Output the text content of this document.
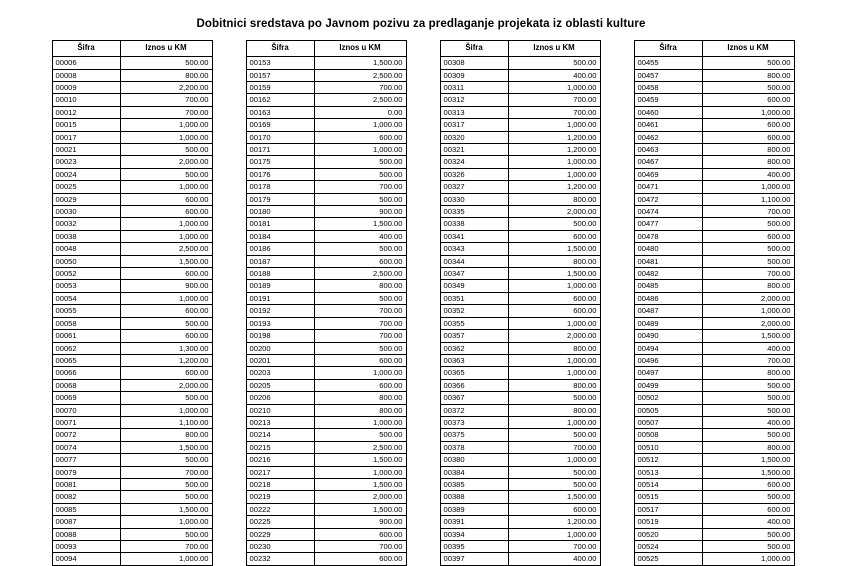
Dobitnici sredstava po Javnom pozivu za predlaganje projekata iz oblasti kulture
Šifra	Iznos u KM
00006	500.00
00008	800.00
00009	2,200.00
00010	700.00
00012	700.00
00015	1,000.00
00017	1,000.00
00021	500.00
00023	2,000.00
00024	500.00
00025	1,000.00
00029	600.00
00030	600.00
00032	1,000.00
00038	1,000.00
00048	2,500.00
00050	1,500.00
00052	600.00
00053	900.00
00054	1,000.00
00055	600.00
00058	500.00
00061	600.00
00062	1,300.00
00065	1,200.00
00066	600.00
00068	2,000.00
00069	500.00
00070	1,000.00
00071	1,100.00
00072	800.00
00074	1,500.00
00077	500.00
00079	700.00
00081	500.00
00082	500.00
00085	1,500.00
00087	1,000.00
00088	500.00
00093	700.00
00094	1,000.00
Šifra	Iznos u KM
00153	1,500.00
00157	2,500.00
00159	700.00
00162	2,500.00
00163	0.00
00169	1,000.00
00170	600.00
00171	1,000.00
00175	500.00
00176	500.00
00178	700.00
00179	500.00
00180	900.00
00181	1,500.00
00184	400.00
00186	500.00
00187	600.00
00188	2,500.00
00189	800.00
00191	500.00
00192	700.00
00193	700.00
00198	700.00
00200	500.00
00201	600.00
00203	1,000.00
00205	600.00
00206	800.00
00210	800.00
00213	1,000.00
00214	500.00
00215	2,500.00
00216	1,500.00
00217	1,000.00
00218	1,500.00
00219	2,000.00
00222	1,500.00
00225	900.00
00229	600.00
00230	700.00
00232	600.00
Šifra	Iznos u KM
00308	500.00
00309	400.00
00311	1,000.00
00312	700.00
00313	700.00
00317	1,000.00
00320	1,200.00
00321	1,200.00
00324	1,000.00
00326	1,000.00
00327	1,200.00
00330	800.00
00335	2,000.00
00338	500.00
00341	600.00
00343	1,500.00
00344	800.00
00347	1,500.00
00349	1,000.00
00351	600.00
00352	600.00
00355	1,000.00
00357	2,000.00
00362	800.00
00363	1,000.00
00365	1,000.00
00366	800.00
00367	500.00
00372	800.00
00373	1,000.00
00375	500.00
00378	700.00
00380	1,000.00
00384	500.00
00385	500.00
00388	1,500.00
00389	600.00
00391	1,200.00
00394	1,000.00
00395	700.00
00397	400.00
Šifra	Iznos u KM
00455	500.00
00457	800.00
00458	500.00
00459	600.00
00460	1,000.00
00461	600.00
00462	600.00
00463	800.00
00467	800.00
00469	400.00
00471	1,000.00
00472	1,100.00
00474	700.00
00477	500.00
00478	600.00
00480	500.00
00481	500.00
00482	700.00
00485	800.00
00486	2,000.00
00487	1,000.00
00489	2,000.00
00490	1,500.00
00494	400.00
00496	700.00
00497	800.00
00499	500.00
00502	500.00
00505	500.00
00507	400.00
00508	500.00
00510	800.00
00512	1,500.00
00513	1,500.00
00514	600.00
00515	500.00
00517	600.00
00519	400.00
00520	500.00
00524	500.00
00525	1,000.00
